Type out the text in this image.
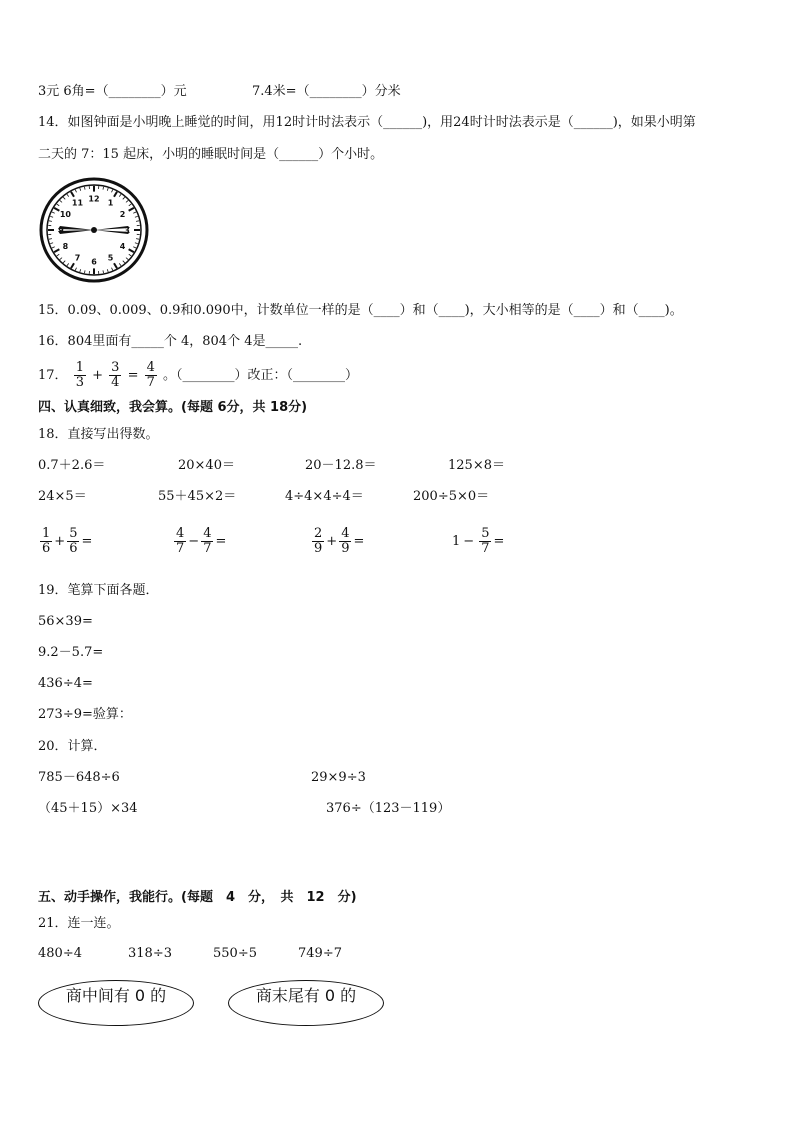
3元 6角=（________）元	7.4米=（________）分米
14．如图钟面是小明晚上睡觉的时间，用12时计时法表示（______)，用24时计时法表示是（______)，如果小明第
二天的 7：15 起床，小明的睡眠时间是（______）个小时。
12 1
2
3
4
5
6
7
8
9
10
11
15．0.09、0.009、0.9和0.090中，计数单位一样的是（____）和（____)，大小相等的是（____）和（____)。
16．804里面有_____个 4，804个 4是_____.
17． $\frac{1}{3} + \frac{3}{4} = \frac{4}{7}$ 。（________）改正：（________）
四、认真细致，我会算。(每题 6分，共 18分)
18．直接写出得数。
0.7＋2.6＝	20×40＝	20－12.8＝	125×8＝
24×5＝	55＋45×2＝	4÷4×4÷4＝	200÷5×0＝
$\frac{1}{6} + \frac{5}{6}$ =	$\frac{4}{7} - \frac{4}{7}$ =	$\frac{2}{9} + \frac{4}{9}$ =	$1 - \frac{5}{7}$ =
19．笔算下面各题．
56×39=
9.2－5.7=
436÷4=
273÷9=验算：
20．计算．
785－648÷6	29×9÷3
（45＋15）×34	376÷（123－119）
五、动手操作，我能行。(每题　4　分，　共　12　分)
21．连一连。
480÷4	318÷3	550÷5	749÷7
商中间有 0 的	商末尾有 0 的
